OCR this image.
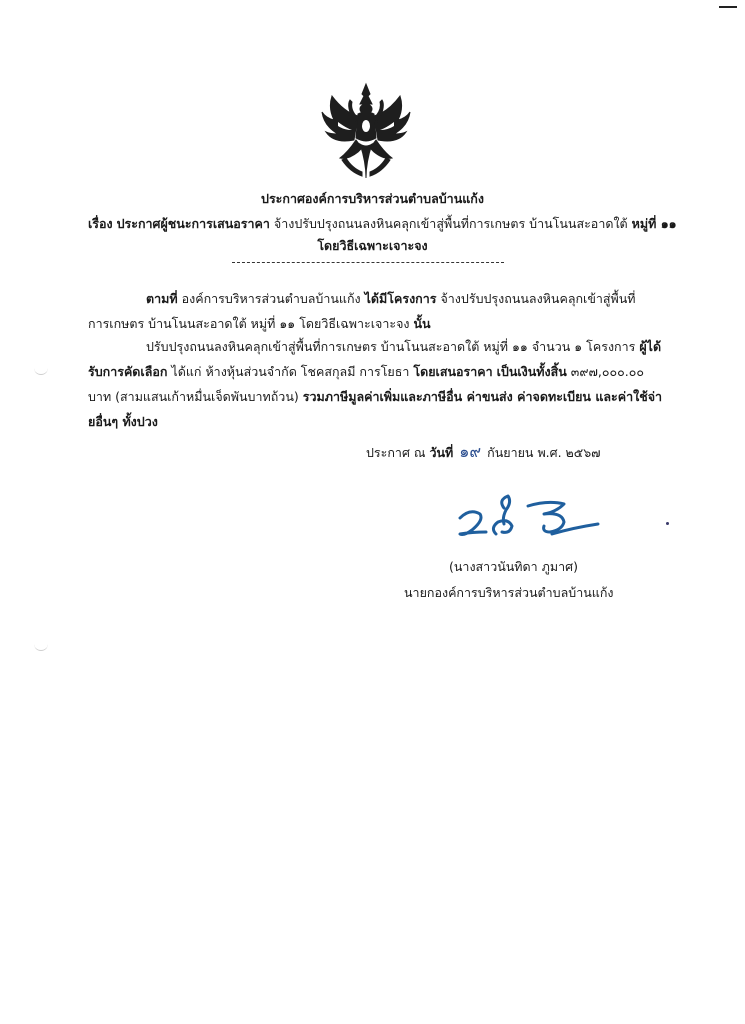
ประกาศองค์การบริหารส่วนตำบลบ้านแก้ง
เรื่อง ประกาศผู้ชนะการเสนอราคา จ้างปรับปรุงถนนลงหินคลุกเข้าสู่พื้นที่การเกษตร บ้านโนนสะอาดใต้ หมู่ที่ ๑๑
โดยวิธีเฉพาะเจาะจง
ตามที่ องค์การบริหารส่วนตำบลบ้านแก้ง ได้มีโครงการ จ้างปรับปรุงถนนลงหินคลุกเข้าสู่พื้นที่การเกษตร บ้านโนนสะอาดใต้ หมู่ที่ ๑๑ โดยวิธีเฉพาะเจาะจง นั้น
ปรับปรุงถนนลงหินคลุกเข้าสู่พื้นที่การเกษตร บ้านโนนสะอาดใต้ หมู่ที่ ๑๑ จำนวน ๑ โครงการ ผู้ได้รับการคัดเลือก ได้แก่ ห้างหุ้นส่วนจำกัด โชคสกุลมี การโยธา โดยเสนอราคา เป็นเงินทั้งสิ้น ๓๙๗,๐๐๐.๐๐ บาท (สามแสนเก้าหมื่นเจ็ดพันบาทถ้วน) รวมภาษีมูลค่าเพิ่มและภาษีอื่น ค่าขนส่ง ค่าจดทะเบียน และค่าใช้จ่ายอื่นๆ ทั้งปวง
ประกาศ ณ วันที่ ๑๙ กันยายน พ.ศ. ๒๕๖๗
(นางสาวนันทิดา ภูมาศ)
นายกองค์การบริหารส่วนตำบลบ้านแก้ง
